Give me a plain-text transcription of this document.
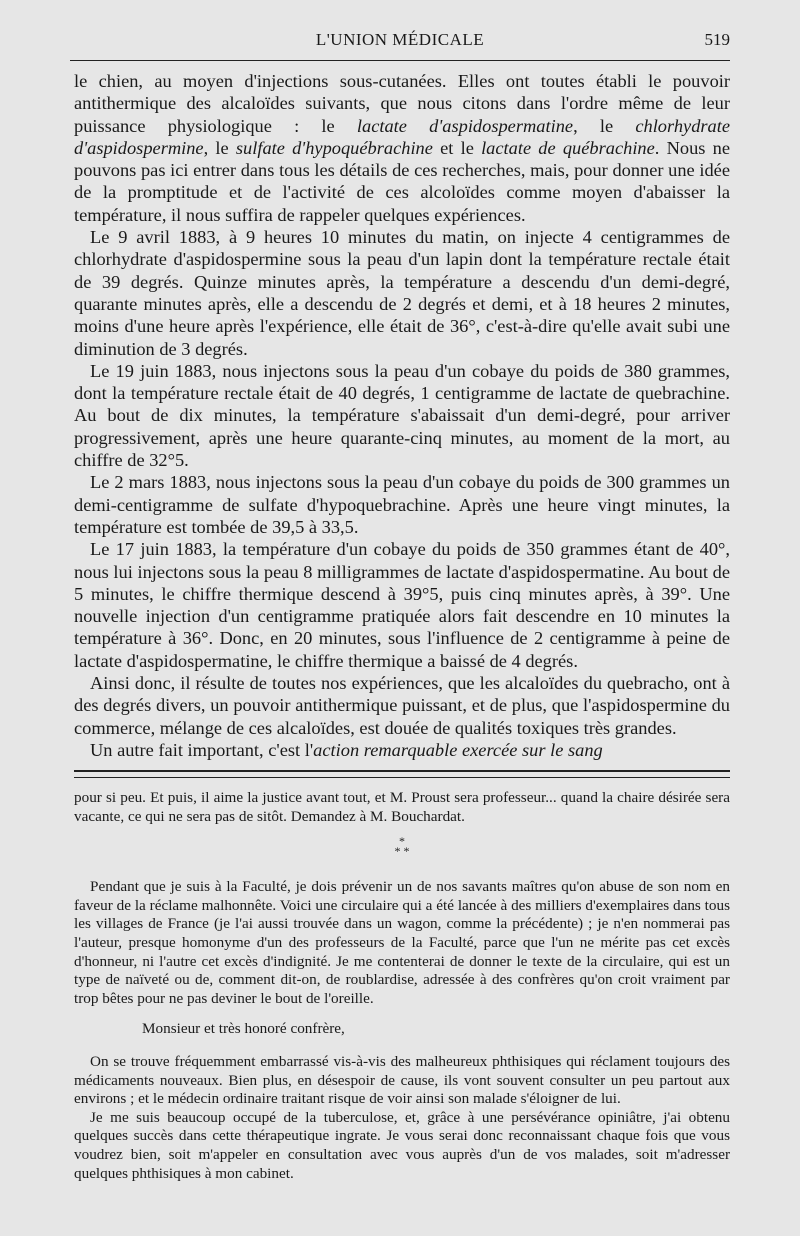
L'UNION MÉDICALE	519

le chien, au moyen d'injections sous-cutanées. Elles ont toutes établi le pouvoir antithermique des alcaloïdes suivants, que nous citons dans l'ordre même de leur puissance physiologique : le lactate d'aspidospermatine, le chlorhydrate d'aspidospermine, le sulfate d'hypoquébrachine et le lactate de québrachine. Nous ne pouvons pas ici entrer dans tous les détails de ces recherches, mais, pour donner une idée de la promptitude et de l'activité de ces alcoloïdes comme moyen d'abaisser la température, il nous suffira de rappeler quelques expériences.

Le 9 avril 1883, à 9 heures 10 minutes du matin, on injecte 4 centigrammes de chlorhydrate d'aspidospermine sous la peau d'un lapin dont la température rectale était de 39 degrés. Quinze minutes après, la température a descendu d'un demi-degré, quarante minutes après, elle a descendu de 2 degrés et demi, et à 18 heures 2 minutes, moins d'une heure après l'expérience, elle était de 36°, c'est-à-dire qu'elle avait subi une diminution de 3 degrés.

Le 19 juin 1883, nous injectons sous la peau d'un cobaye du poids de 380 grammes, dont la température rectale était de 40 degrés, 1 centigramme de lactate de quebrachine. Au bout de dix minutes, la température s'abaissait d'un demi-degré, pour arriver progressivement, après une heure quarante-cinq minutes, au moment de la mort, au chiffre de 32°5.

Le 2 mars 1883, nous injectons sous la peau d'un cobaye du poids de 300 grammes un demi-centigramme de sulfate d'hypoquebrachine. Après une heure vingt minutes, la température est tombée de 39,5 à 33,5.

Le 17 juin 1883, la température d'un cobaye du poids de 350 grammes étant de 40°, nous lui injectons sous la peau 8 milligrammes de lactate d'aspidospermatine. Au bout de 5 minutes, le chiffre thermique descend à 39°5, puis cinq minutes après, à 39°. Une nouvelle injection d'un centigramme pratiquée alors fait descendre en 10 minutes la température à 36°. Donc, en 20 minutes, sous l'influence de 2 centigramme à peine de lactate d'aspidospermatine, le chiffre thermique a baissé de 4 degrés.

Ainsi donc, il résulte de toutes nos expériences, que les alcaloïdes du quebracho, ont à des degrés divers, un pouvoir antithermique puissant, et de plus, que l'aspidospermine du commerce, mélange de ces alcaloïdes, est douée de qualités toxiques très grandes.

Un autre fait important, c'est l'action remarquable exercée sur le sang

pour si peu. Et puis, il aime la justice avant tout, et M. Proust sera professeur... quand la chaire désirée sera vacante, ce qui ne sera pas de sitôt. Demandez à M. Bouchardat.

*
* *

Pendant que je suis à la Faculté, je dois prévenir un de nos savants maîtres qu'on abuse de son nom en faveur de la réclame malhonnête. Voici une circulaire qui a été lancée à des milliers d'exemplaires dans tous les villages de France (je l'ai aussi trouvée dans un wagon, comme la précédente) ; je n'en nommerai pas l'auteur, presque homonyme d'un des professeurs de la Faculté, parce que l'un ne mérite pas cet excès d'honneur, ni l'autre cet excès d'indignité. Je me contenterai de donner le texte de la circulaire, qui est un type de naïveté ou de, comment dit-on, de roublardise, adressée à des confrères qu'on croit vraiment par trop bêtes pour ne pas deviner le bout de l'oreille.

Monsieur et très honoré confrère,

On se trouve fréquemment embarrassé vis-à-vis des malheureux phthisiques qui réclament toujours des médicaments nouveaux. Bien plus, en désespoir de cause, ils vont souvent consulter un peu partout aux environs ; et le médecin ordinaire traitant risque de voir ainsi son malade s'éloigner de lui.

Je me suis beaucoup occupé de la tuberculose, et, grâce à une persévérance opiniâtre, j'ai obtenu quelques succès dans cette thérapeutique ingrate. Je vous serai donc reconnaissant chaque fois que vous voudrez bien, soit m'appeler en consultation avec vous auprès d'un de vos malades, soit m'adresser quelques phthisiques à mon cabinet.
